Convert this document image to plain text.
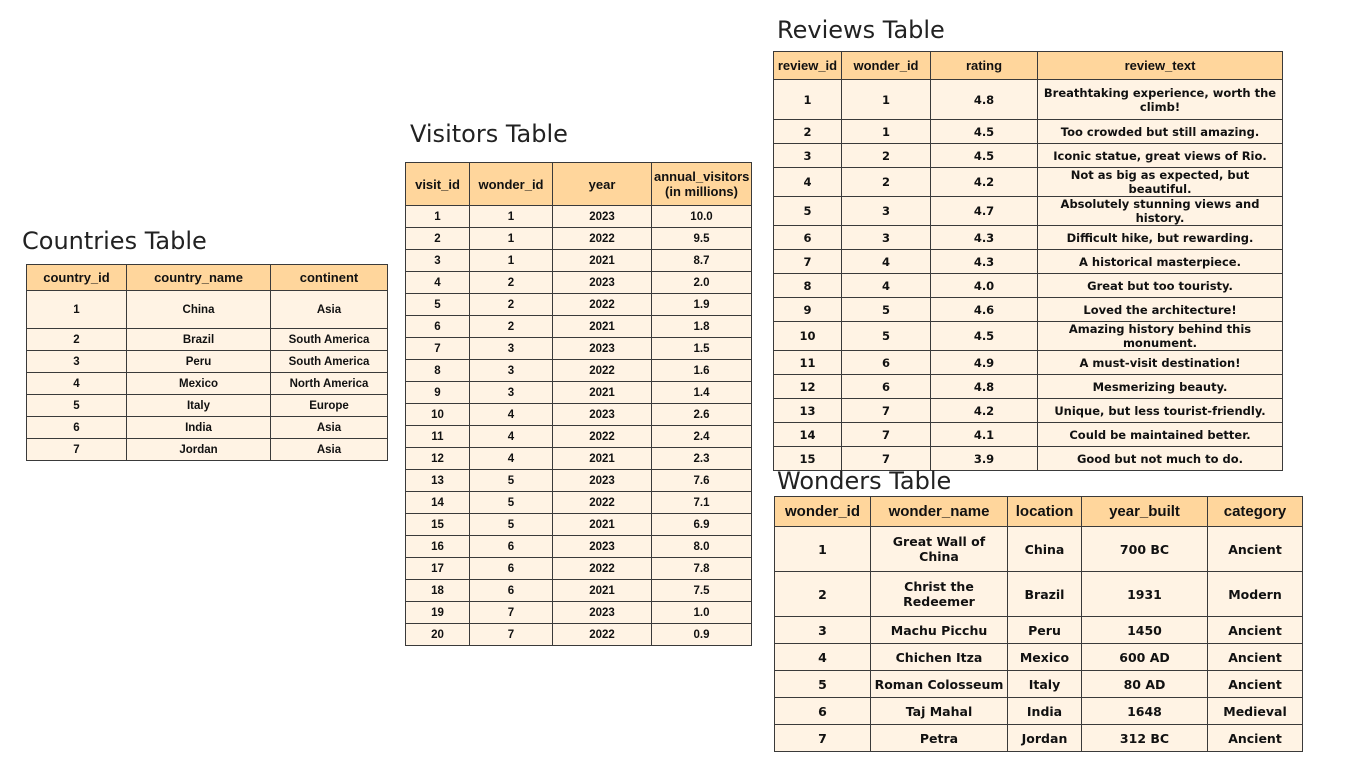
Countries Table
country_id	country_name	continent
1	China	Asia
2	Brazil	South America
3	Peru	South America
4	Mexico	North America
5	Italy	Europe
6	India	Asia
7	Jordan	Asia
Visitors Table
visit_id	wonder_id	year	annual_visitors (in millions)
1	1	2023	10.0
2	1	2022	9.5
3	1	2021	8.7
4	2	2023	2.0
5	2	2022	1.9
6	2	2021	1.8
7	3	2023	1.5
8	3	2022	1.6
9	3	2021	1.4
10	4	2023	2.6
11	4	2022	2.4
12	4	2021	2.3
13	5	2023	7.6
14	5	2022	7.1
15	5	2021	6.9
16	6	2023	8.0
17	6	2022	7.8
18	6	2021	7.5
19	7	2023	1.0
20	7	2022	0.9
Reviews Table
review_id	wonder_id	rating	review_text
1	1	4.8	Breathtaking experience, worth the climb!
2	1	4.5	Too crowded but still amazing.
3	2	4.5	Iconic statue, great views of Rio.
4	2	4.2	Not as big as expected, but beautiful.
5	3	4.7	Absolutely stunning views and history.
6	3	4.3	Difficult hike, but rewarding.
7	4	4.3	A historical masterpiece.
8	4	4.0	Great but too touristy.
9	5	4.6	Loved the architecture!
10	5	4.5	Amazing history behind this monument.
11	6	4.9	A must-visit destination!
12	6	4.8	Mesmerizing beauty.
13	7	4.2	Unique, but less tourist-friendly.
14	7	4.1	Could be maintained better.
15	7	3.9	Good but not much to do.
Wonders Table
wonder_id	wonder_name	location	year_built	category
1	Great Wall of China	China	700 BC	Ancient
2	Christ the Redeemer	Brazil	1931	Modern
3	Machu Picchu	Peru	1450	Ancient
4	Chichen Itza	Mexico	600 AD	Ancient
5	Roman Colosseum	Italy	80 AD	Ancient
6	Taj Mahal	India	1648	Medieval
7	Petra	Jordan	312 BC	Ancient
